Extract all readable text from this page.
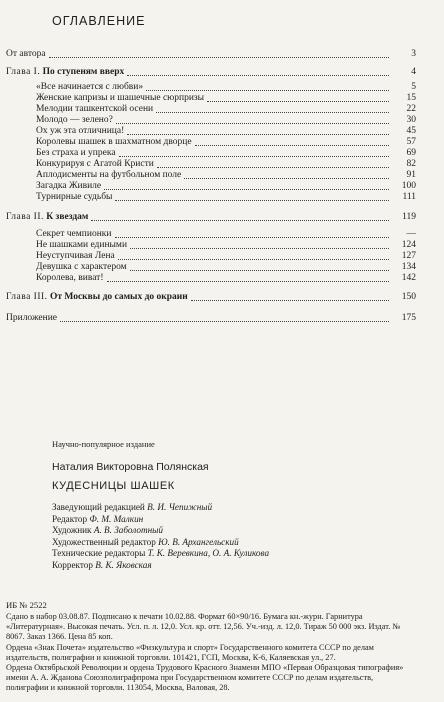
ОГЛАВЛЕНИЕ
От автора	3
Глава I. По ступеням вверх	4
«Все начинается с любви»	5
Женские капризы и шашечные сюрпризы	15
Мелодии ташкентской осени	22
Молодо — зелено?	30
Ох уж эта отличница!	45
Королевы шашек в шахматном дворце	57
Без страха и упрека	69
Конкурируя с Агатой Кристи	82
Аплодисменты на футбольном поле	91
Загадка Живиле	100
Турнирные судьбы	111
Глава II. К звездам	119
Секрет чемпионки	—
Не шашками едиными	124
Неуступчивая Лена	127
Девушка с характером	134
Королева, виват!	142
Глава III. От Москвы до самых до окраин	150
Приложение	175
Научно-популярное издание
Наталия Викторовна Полянская
КУДЕСНИЦЫ ШАШЕК
Заведующий редакцией В. И. Чепижный
Редактор Ф. М. Малкин
Художник А. В. Заболотный
Художественный редактор Ю. В. Архангельский
Технические редакторы Т. К. Веревкина, О. А. Куликова
Корректор В. К. Яковская
ИБ № 2522

Сдано в набор 03.08.87. Подписано к печати 10.02.88. Формат 60×90/16. Бумага кн.-журн. Гарнитура «Литературная». Высокая печать. Усл. п. л. 12,0. Усл. кр. отт. 12,56. Уч.-изд. л. 12,0. Тираж 50 000 экз. Издат. № 8067. Заказ 1366. Цена 85 коп.

Ордена «Знак Почета» издательство «Физкультура и спорт» Государственного комитета СССР по делам издательств, полиграфии и книжной торговли. 101421, ГСП, Москва, К-6, Каляевская ул., 27.

Ордена Октябрьской Революции и ордена Трудового Красного Знамени МПО «Первая Образцовая типография» имени А. А. Жданова Союзполиграфпрома при Государственном комитете СССР по делам издательств, полиграфии и книжной торговли. 113054, Москва, Валовая, 28.
